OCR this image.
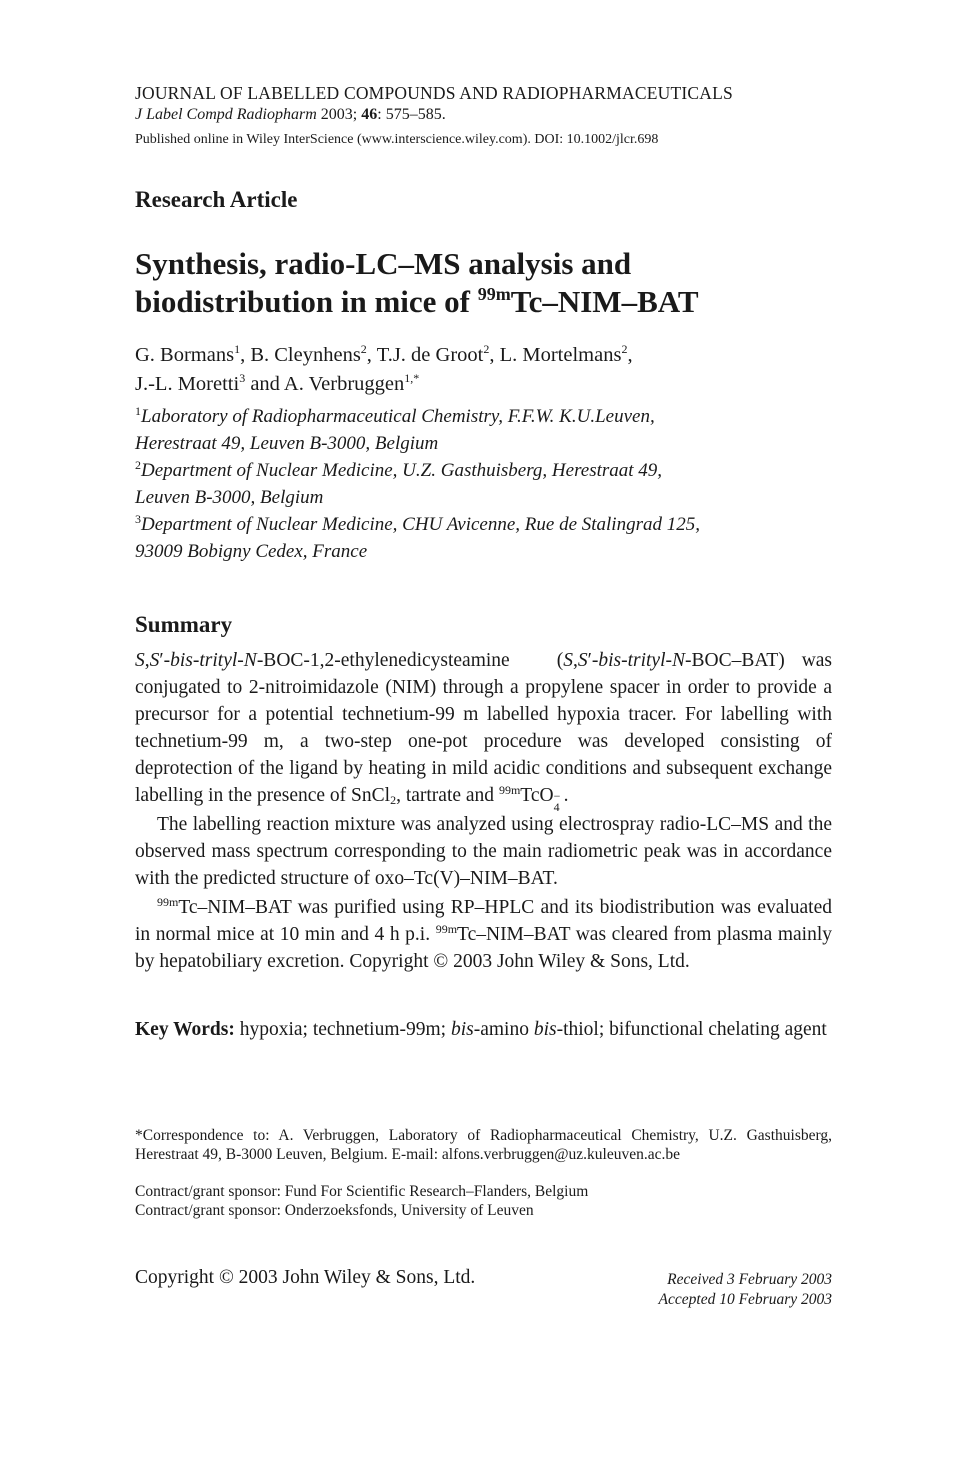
JOURNAL OF LABELLED COMPOUNDS AND RADIOPHARMACEUTICALS
J Label Compd Radiopharm 2003; 46: 575–585.
Published online in Wiley InterScience (www.interscience.wiley.com). DOI: 10.1002/jlcr.698
Research Article
Synthesis, radio-LC–MS analysis and
biodistribution in mice of $^{99m}$Tc–NIM–BAT
G. Bormans$^1$, B. Cleynhens$^2$, T.J. de Groot$^2$, L. Mortelmans$^2$,
J.-L. Moretti$^3$ and A. Verbruggen$^{1,*}$
$^1$Laboratory of Radiopharmaceutical Chemistry, F.F.W. K.U.Leuven,
Herestraat 49, Leuven B-3000, Belgium
$^2$Department of Nuclear Medicine, U.Z. Gasthuisberg, Herestraat 49,
Leuven B-3000, Belgium
$^3$Department of Nuclear Medicine, CHU Avicenne, Rue de Stalingrad 125,
93009 Bobigny Cedex, France
Summary

S,S′-bis-trityl-N-BOC-1,2-ethylenedicysteamine (S,S′-bis-trityl-N-BOC–BAT) was conjugated to 2-nitroimidazole (NIM) through a propylene spacer in order to provide a precursor for a potential technetium-99 m labelled hypoxia tracer. For labelling with technetium-99 m, a two-step one-pot procedure was developed consisting of deprotection of the ligand by heating in mild acidic conditions and subsequent exchange labelling in the presence of SnCl$_2$, tartrate and $^{99m}$TcO −
4
.

The labelling reaction mixture was analyzed using electrospray radio-LC–MS and the observed mass spectrum corresponding to the main radiometric peak was in accordance with the predicted structure of oxo–Tc(V)–NIM–BAT.

$^{99m}$Tc–NIM–BAT was purified using RP–HPLC and its biodistribution was evaluated in normal mice at 10 min and 4 h p.i. $^{99m}$Tc–NIM–BAT was cleared from plasma mainly by hepatobiliary excretion. Copyright © 2003 John Wiley & Sons, Ltd.

Key Words: hypoxia; technetium-99m; bis-amino bis-thiol; bifunctional chelating agent
*Correspondence to: A. Verbruggen, Laboratory of Radiopharmaceutical Chemistry, U.Z. Gasthuisberg, Herestraat 49, B-3000 Leuven, Belgium. E-mail: alfons.verbruggen@uz.kuleuven.ac.be
Contract/grant sponsor: Fund For Scientific Research–Flanders, Belgium
Contract/grant sponsor: Onderzoeksfonds, University of Leuven
Copyright © 2003 John Wiley & Sons, Ltd.	Received 3 February 2003
Accepted 10 February 2003
